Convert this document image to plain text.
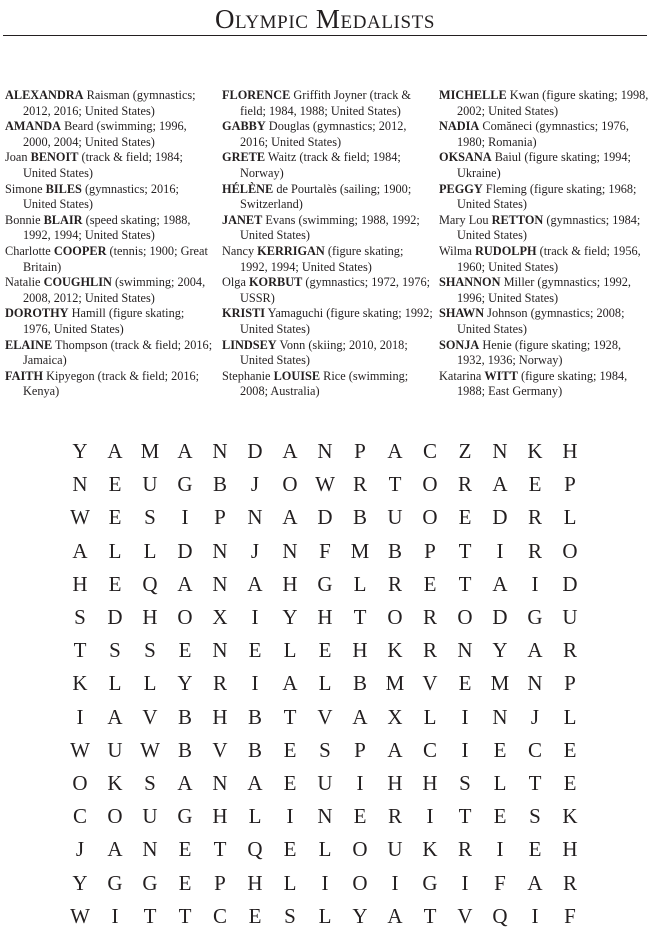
Olympic Medalists
ALEXANDRA Raisman (gymnastics; 2012, 2016; United States)
AMANDA Beard (swimming; 1996, 2000, 2004; United States)
Joan BENOIT (track & field; 1984; United States)
Simone BILES (gymnastics; 2016; United States)
Bonnie BLAIR (speed skating; 1988, 1992, 1994; United States)
Charlotte COOPER (tennis; 1900; Great Britain)
Natalie COUGHLIN (swimming; 2004, 2008, 2012; United States)
DOROTHY Hamill (figure skating; 1976, United States)
ELAINE Thompson (track & field; 2016; Jamaica)
FAITH Kipyegon (track & field; 2016; Kenya)
FLORENCE Griffith Joyner (track & field; 1984, 1988; United States)
GABBY Douglas (gymnastics; 2012, 2016; United States)
GRETE Waitz (track & field; 1984; Norway)
HÉLÈNE de Pourtalès (sailing; 1900; Switzerland)
JANET Evans (swimming; 1988, 1992; United States)
Nancy KERRIGAN (figure skating; 1992, 1994; United States)
Olga KORBUT (gymnastics; 1972, 1976; USSR)
KRISTI Yamaguchi (figure skating; 1992; United States)
LINDSEY Vonn (skiing; 2010, 2018; United States)
Stephanie LOUISE Rice (swimming; 2008; Australia)
MICHELLE Kwan (figure skating; 1998, 2002; United States)
NADIA Comăneci (gymnastics; 1976, 1980; Romania)
OKSANA Baiul (figure skating; 1994; Ukraine)
PEGGY Fleming (figure skating; 1968; United States)
Mary Lou RETTON (gymnastics; 1984; United States)
Wilma RUDOLPH (track & field; 1956, 1960; United States)
SHANNON Miller (gymnastics; 1992, 1996; United States)
SHAWN Johnson (gymnastics; 2008; United States)
SONJA Henie (figure skating; 1928, 1932, 1936; Norway)
Katarina WITT (figure skating; 1984, 1988; East Germany)
Y A M A N D A N	P	A C	Z	N K H
N	E	U G B	J	O W R	T	O R A	E	P
W E	S	I	P	N A D B U O	E	D R	L
A	L	L	D N	J	N	F M B	P	T	I	R O
H	E	Q A N A H G	L	R	E	T	A	I	D
S	D H O X	I	Y H	T	O R O D G U
T	S	S	E	N	E	L	E	H K R N Y A R
K	L	L	Y R	I	A	L	B M V	E M N	P
I	A V B H B	T	V A X	L	I	N	J	L
W U W B V B	E	S	P	A C	I	E	C	E
O K	S	A N A	E	U	I	H H	S	L	T	E
C O U G H	L	I	N	E	R	I	T	E	S	K
J	A N	E	T	Q	E	L	O U K R	I	E	H
Y G G	E	P	H	L	I	O	I	G	I	F	A R
W	I	T	T	C	E	S	L	Y A	T	V Q	I	F
